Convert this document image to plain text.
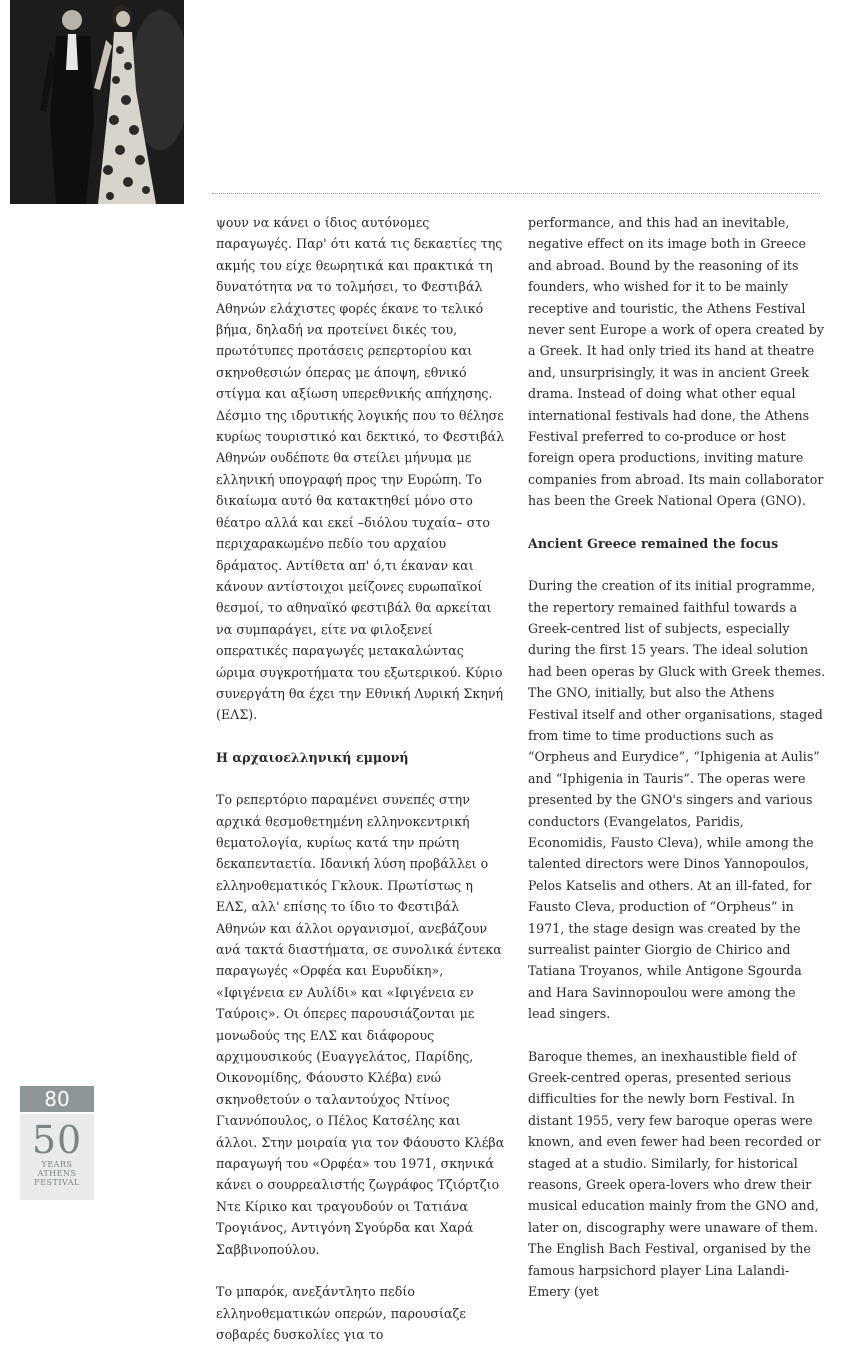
ψουν να κάνει ο ίδιος αυτόνομες παραγωγές. Παρ' ότι κατά τις δεκαετίες της ακμής του είχε θεωρητικά και πρακτικά τη δυνατότητα να το τολμήσει, το Φεστιβάλ Αθηνών ελάχιστες φορές έκανε το τελικό βήμα, δηλαδή να προτείνει δικές του, πρωτότυπες προτάσεις ρεπερτορίου και σκηνοθεσιών όπερας με άποψη, εθνικό στίγμα και αξίωση υπερεθνικής απήχησης. Δέσμιο της ιδρυτικής λογικής που το θέλησε κυρίως τουριστικό και δεκτικό, το Φεστιβάλ Αθηνών ουδέποτε θα στείλει μήνυμα με ελληνική υπογραφή προς την Ευρώπη. Το δικαίωμα αυτό θα κατακτηθεί μόνο στο θέατρο αλλά και εκεί –διόλου τυχαία– στο περιχαρακωμένο πεδίο του αρχαίου δράματος. Αντίθετα απ' ό,τι έκαναν και κάνουν αντίστοιχοι μείζονες ευρωπαϊκοί θεσμοί, το αθηναϊκό φεστιβάλ θα αρκείται να συμπαράγει, είτε να φιλοξενεί οπερατικές παραγωγές μετακαλώντας ώριμα συγκροτήματα του εξωτερικού. Κύριο συνεργάτη θα έχει την Εθνική Λυρική Σκηνή (ΕΛΣ).

Η αρχαιοελληνική εμμονή

Το ρεπερτόριο παραμένει συνεπές στην αρχικά θεσμοθετημένη ελληνοκεντρική θεματολογία, κυρίως κατά την πρώτη δεκαπενταετία. Ιδανική λύση προβάλλει ο ελληνοθεματικός Γκλουκ. Πρωτίστως η ΕΛΣ, αλλ' επίσης το ίδιο το Φεστιβάλ Αθηνών και άλλοι οργανισμοί, ανεβάζουν ανά τακτά διαστήματα, σε συνολικά έντεκα παραγωγές «Ορφέα και Ευρυδίκη», «Ιφιγένεια εν Αυλίδι» και «Ιφιγένεια εν Ταύροις». Οι όπερες παρουσιάζονται με μονωδούς της ΕΛΣ και διάφορους αρχιμουσικούς (Ευαγγελάτος, Παρίδης, Οικονομίδης, Φάουστο Κλέβα) ενώ σκηνοθετούν ο ταλαντούχος Ντίνος Γιαννόπουλος, ο Πέλος Κατσέλης και άλλοι. Στην μοιραία για τον Φάουστο Κλέβα παραγωγή του «Ορφέα» του 1971, σκηνικά κάνει ο σουρρεαλιστής ζωγράφος Τζιόρτζιο Ντε Κίρικο και τραγουδούν οι Τατιάνα Τρογιάνος, Αντιγόνη Σγούρδα και Χαρά Σαββινοπούλου.

Το μπαρόκ, ανεξάντλητο πεδίο ελληνοθεματικών οπερών, παρουσίαζε σοβαρές δυσκολίες για το

performance, and this had an inevitable, negative effect on its image both in Greece and abroad. Bound by the reasoning of its founders, who wished for it to be mainly receptive and touristic, the Athens Festival never sent Europe a work of opera created by a Greek. It had only tried its hand at theatre and, unsurprisingly, it was in ancient Greek drama. Instead of doing what other equal international festivals had done, the Athens Festival preferred to co-produce or host foreign opera productions, inviting mature companies from abroad. Its main collaborator has been the Greek National Opera (GNO).

Ancient Greece remained the focus

During the creation of its initial programme, the repertory remained faithful towards a Greek-centred list of subjects, especially during the first 15 years. The ideal solution had been operas by Gluck with Greek themes. The GNO, initially, but also the Athens Festival itself and other organisations, staged from time to time productions such as “Orpheus and Eurydice”, “Iphigenia at Aulis” and “Iphigenia in Tauris”. The operas were presented by the GNO's singers and various conductors (Evangelatos, Paridis, Economidis, Fausto Cleva), while among the talented directors were Dinos Yannopoulos, Pelos Katselis and others. At an ill-fated, for Fausto Cleva, production of “Orpheus” in 1971, the stage design was created by the surrealist painter Giorgio de Chirico and Tatiana Troyanos, while Antigone Sgourda and Hara Savinnopoulou were among the lead singers.

Baroque themes, an inexhaustible field of Greek-centred operas, presented serious difficulties for the newly born Festival. In distant 1955, very few baroque operas were known, and even fewer had been recorded or staged at a studio. Similarly, for historical reasons, Greek opera-lovers who drew their musical education mainly from the GNO and, later on, discography were unaware of them. The English Bach Festival, organised by the famous harpsichord player Lina Lalandi-Emery (yet

80
50
YEARS
ATHENS
FESTIVAL
